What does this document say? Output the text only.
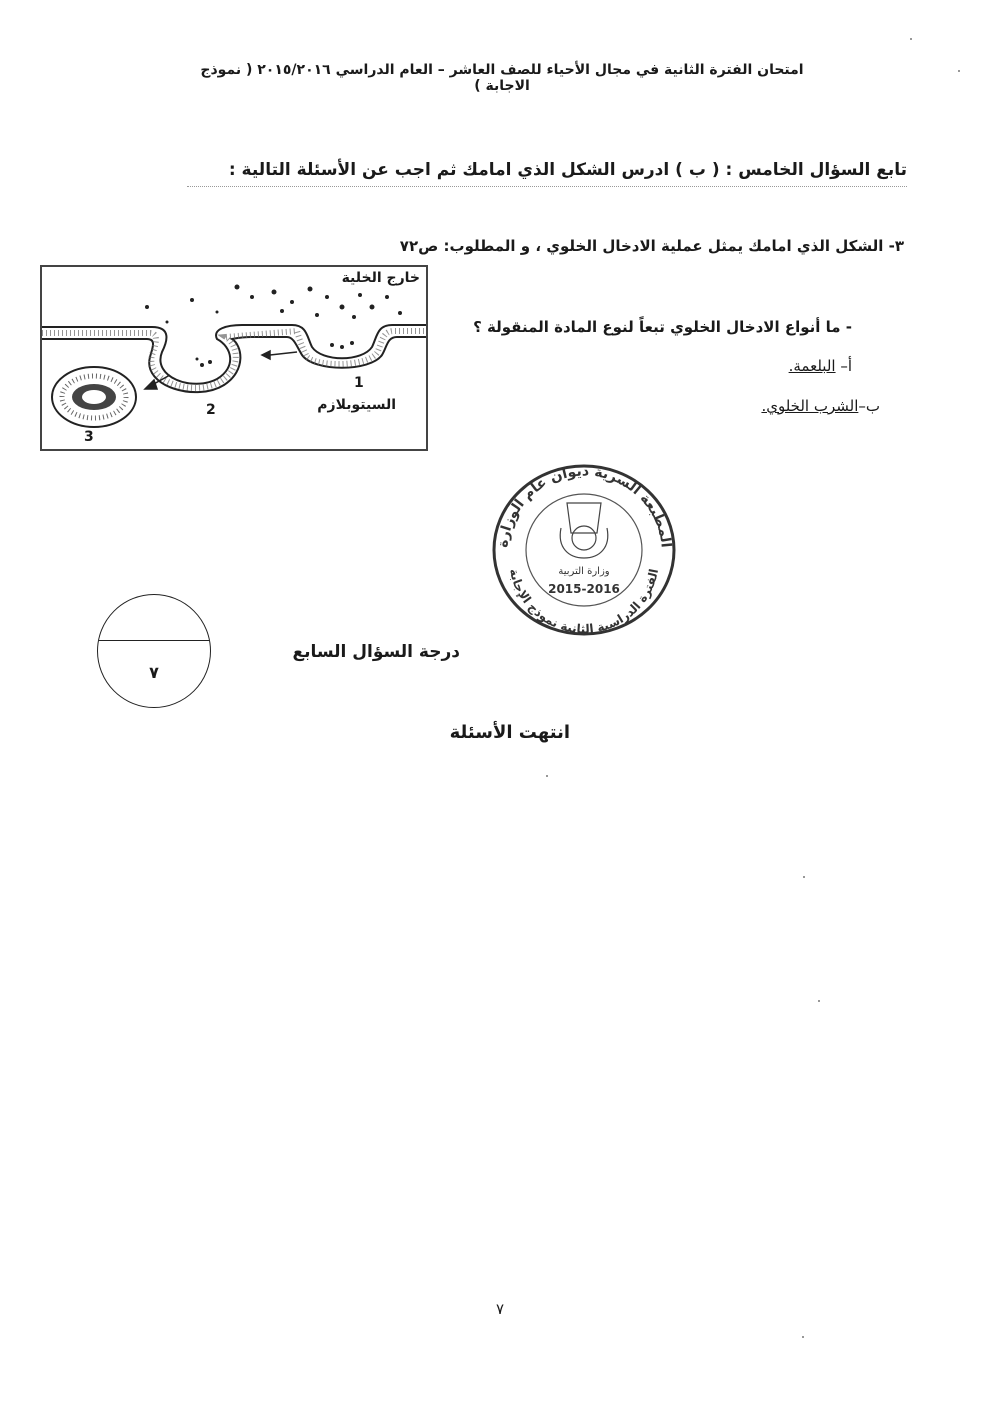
امتحان الفترة الثانية في مجال الأحياء للصف العاشر – العام الدراسي ٢٠١٥/٢٠١٦ ( نموذج الاجابة )
تابع السؤال الخامس : ( ب ) ادرس الشكل الذي امامك ثم اجب عن الأسئلة التالية :
٣- الشكل الذي امامك يمثل عملية الادخال الخلوي ، و المطلوب: ص٧٢
خارج الخلية
السيتوبلازم
1
2
3
- ما أنواع الادخال الخلوي تبعاً لنوع المادة المنقولة ؟
أ– البلعمة.
ب–الشرب الخلوي.
المطبعة السرية ديوان عام الوزارة
الفترة الدراسية الثانية نموذج الإجابة
وزارة التربية
2015-2016
٧
درجة السؤال السابع
انتهت الأسئلة
٧
